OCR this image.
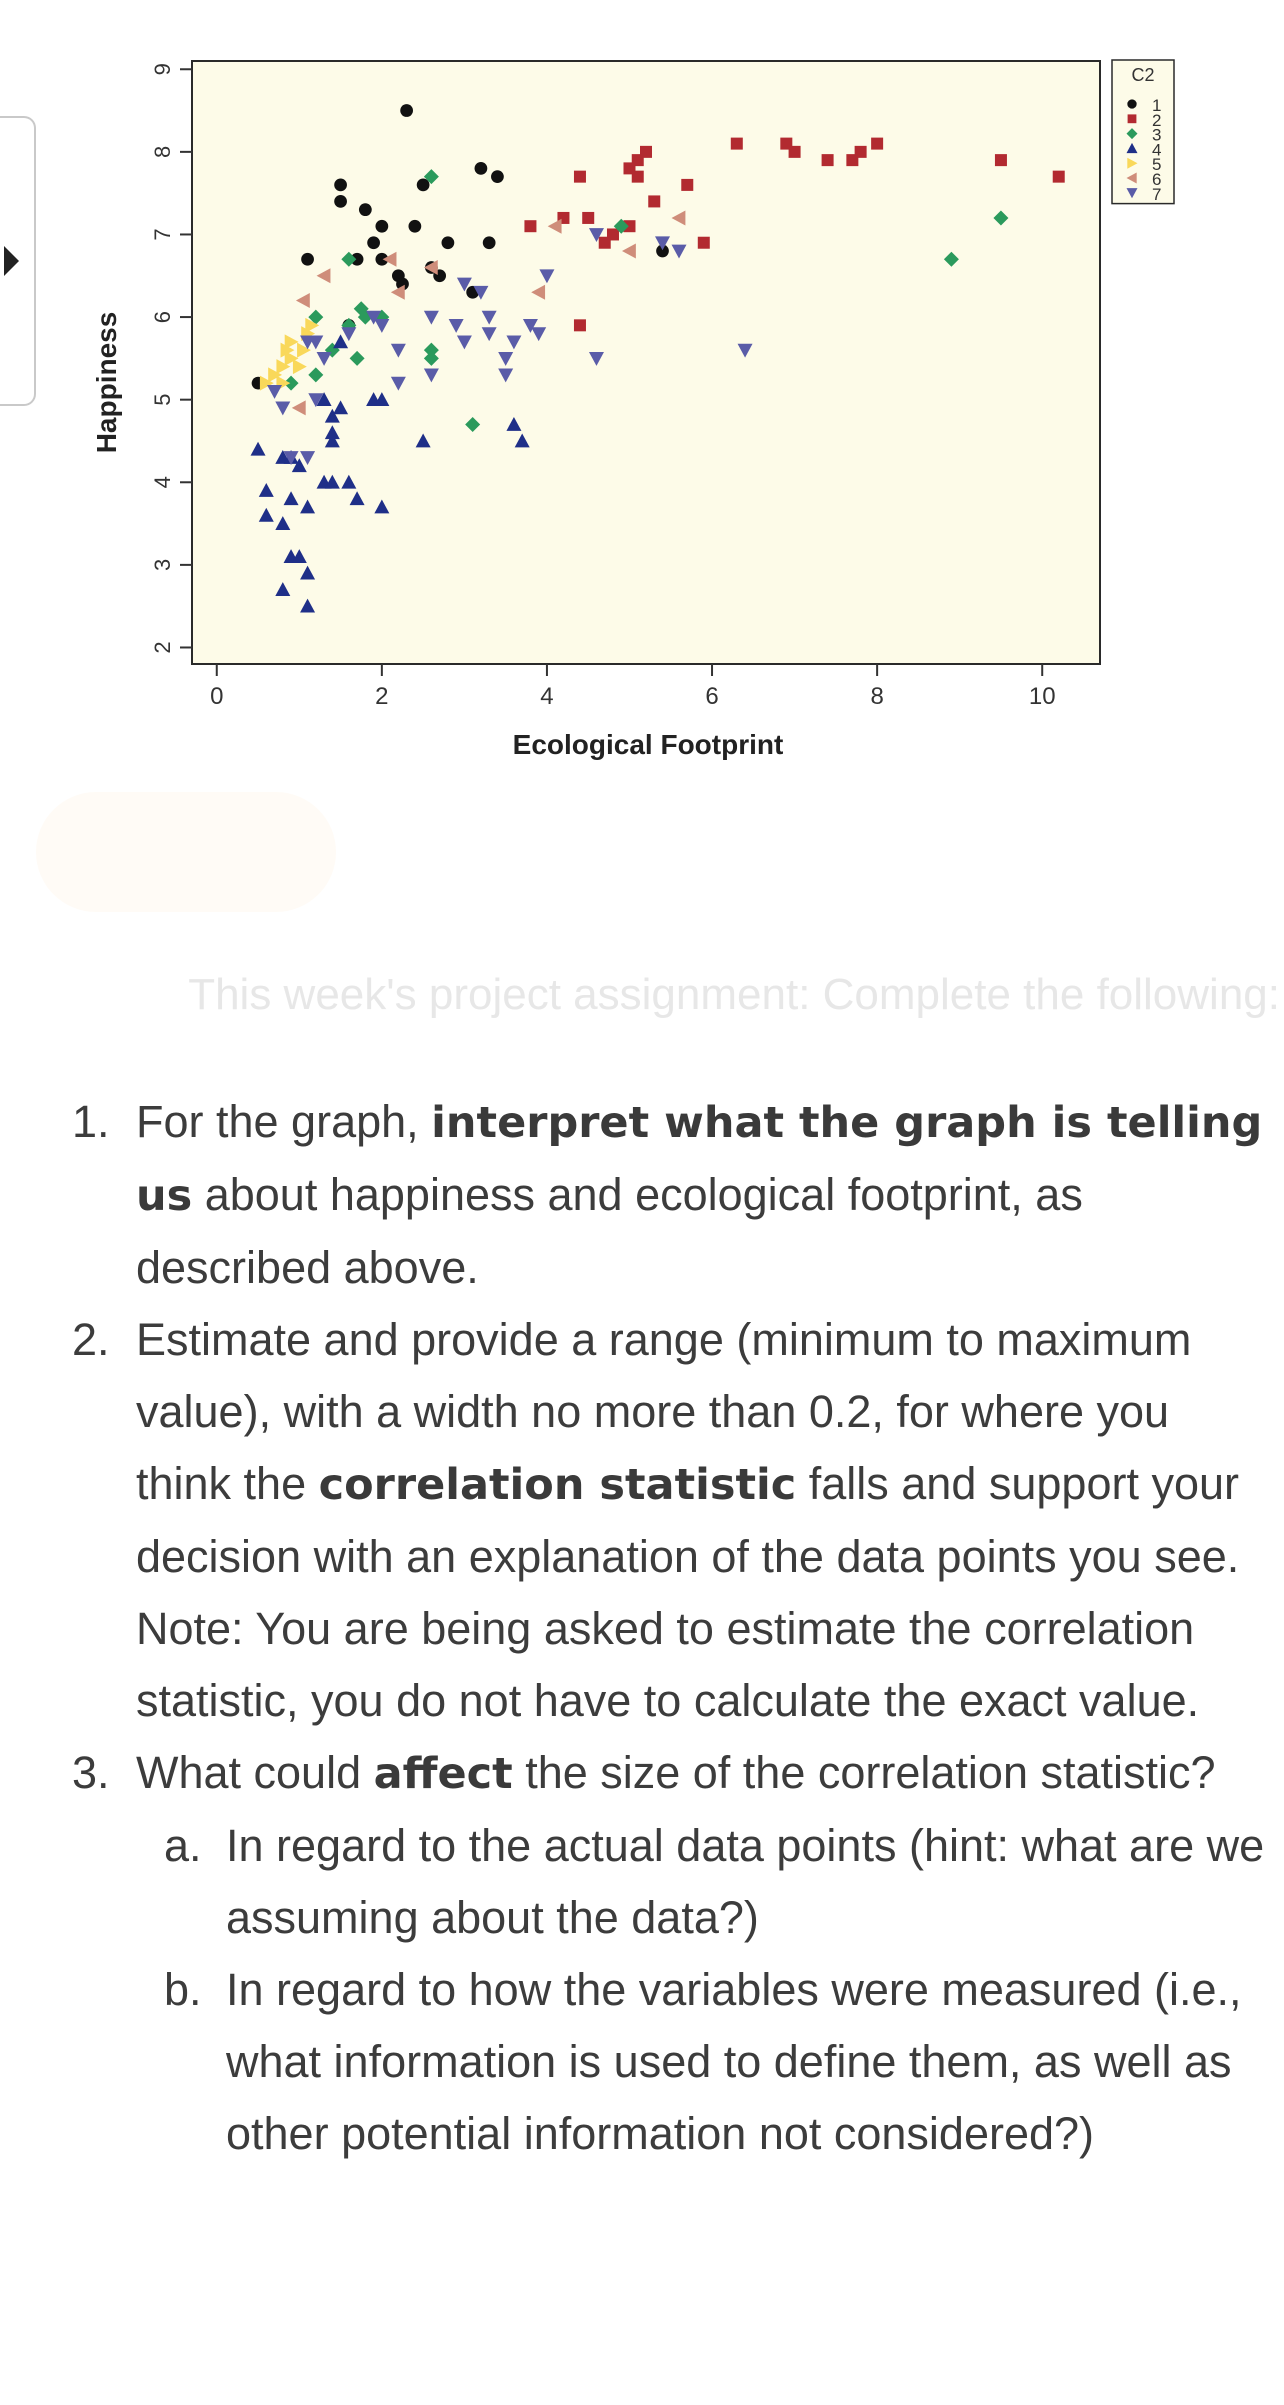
2
3
4
5
6
7
8
9
0	2	4	6	8	10
Ecological Footprint
Happiness
C2
1
2
3
4
5
6
7
This week's project assignment: Complete the following:
1. For the graph, interpret what the graph is telling us about happiness and ecological footprint, as described above.
2. Estimate and provide a range (minimum to maximum value), with a width no more than 0.2, for where you think the correlation statistic falls and support your decision with an explanation of the data points you see. Note: You are being asked to estimate the correlation statistic, you do not have to calculate the exact value.
3. What could affect the size of the correlation statistic?
a. In regard to the actual data points (hint: what are we assuming about the data?)
b. In regard to how the variables were measured (i.e., what information is used to define them, as well as other potential information not considered?)
